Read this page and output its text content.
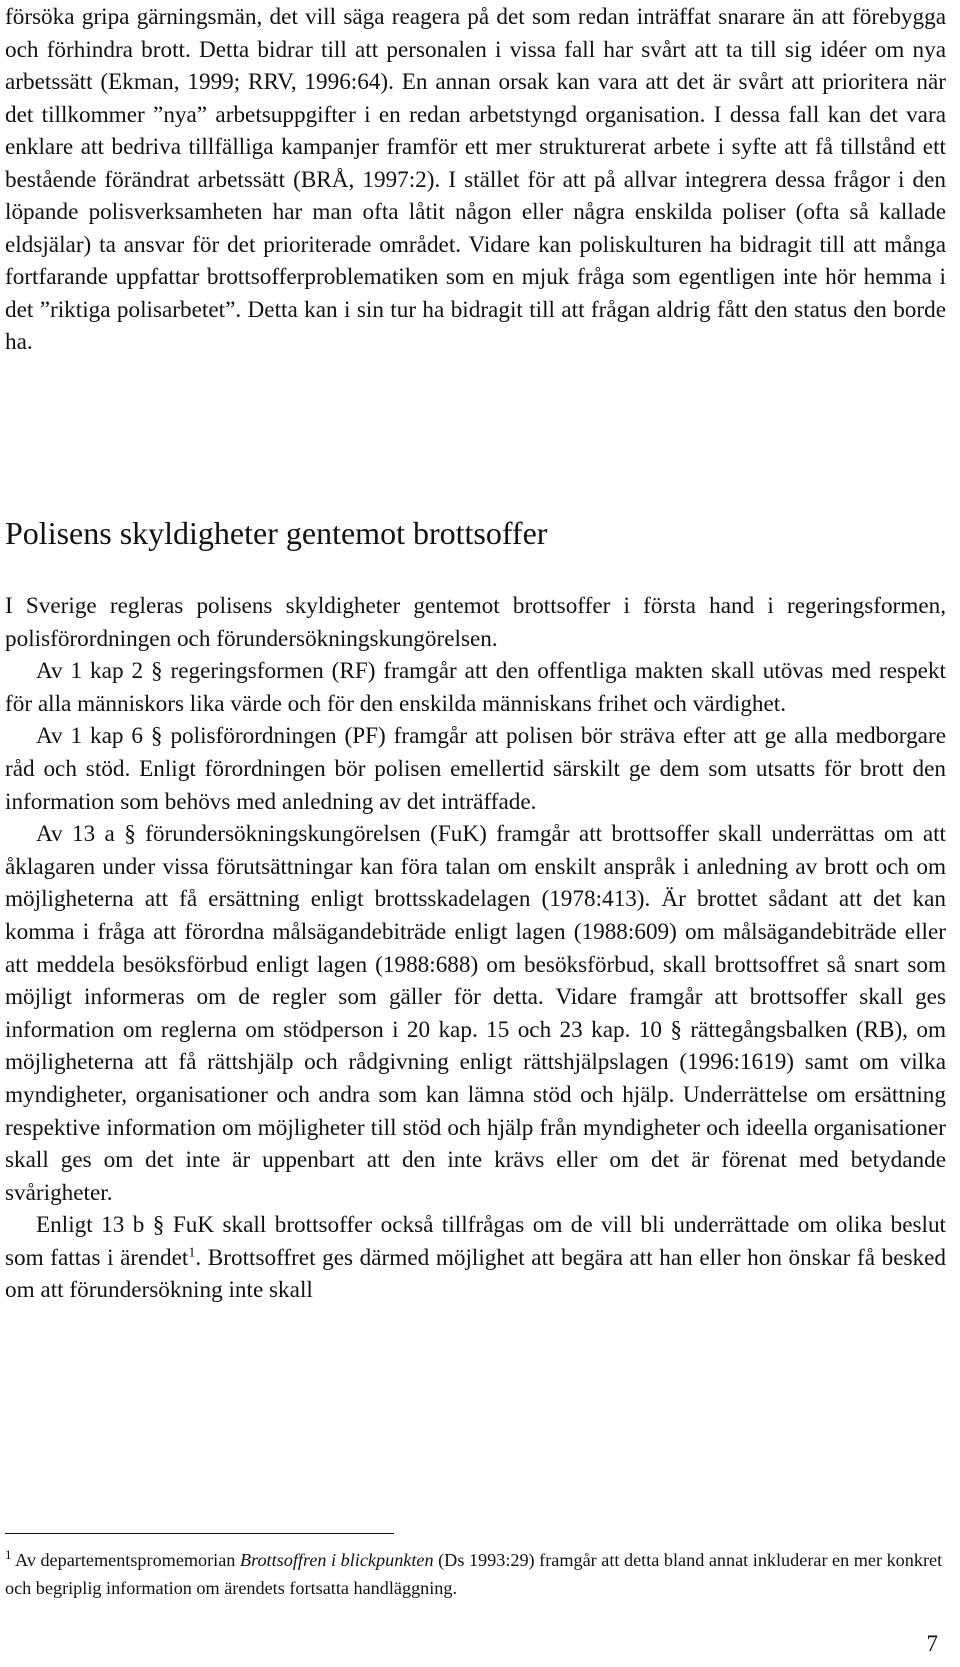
försöka gripa gärningsmän, det vill säga reagera på det som redan inträffat snarare än att förebygga och förhindra brott. Detta bidrar till att personalen i vissa fall har svårt att ta till sig idéer om nya arbetssätt (Ekman, 1999; RRV, 1996:64). En annan orsak kan vara att det är svårt att prioritera när det tillkommer ”nya” arbetsuppgifter i en redan arbetstyngd organisation. I dessa fall kan det vara enklare att bedriva tillfälliga kampanjer framför ett mer strukturerat arbete i syfte att få tillstånd ett bestående förändrat arbetssätt (BRÅ, 1997:2). I stället för att på allvar integrera dessa frågor i den löpande polisverksamheten har man ofta låtit någon eller några enskilda poliser (ofta så kallade eldsjälar) ta ansvar för det prioriterade området. Vidare kan poliskulturen ha bidragit till att många fortfarande uppfattar brottsofferproblematiken som en mjuk fråga som egentligen inte hör hemma i det ”riktiga polisarbetet”. Detta kan i sin tur ha bidragit till att frågan aldrig fått den status den borde ha.

Polisens skyldigheter gentemot brottsoffer

I Sverige regleras polisens skyldigheter gentemot brottsoffer i första hand i regeringsformen, polisförordningen och förundersökningskungörelsen.

Av 1 kap 2 § regeringsformen (RF) framgår att den offentliga makten skall utövas med respekt för alla människors lika värde och för den enskilda människans frihet och värdighet.

Av 1 kap 6 § polisförordningen (PF) framgår att polisen bör sträva efter att ge alla medborgare råd och stöd. Enligt förordningen bör polisen emellertid särskilt ge dem som utsatts för brott den information som behövs med anledning av det inträffade.

Av 13 a § förundersökningskungörelsen (FuK) framgår att brottsoffer skall underrättas om att åklagaren under vissa förutsättningar kan föra talan om enskilt anspråk i anledning av brott och om möjligheterna att få ersättning enligt brottsskadelagen (1978:413). Är brottet sådant att det kan komma i fråga att förordna målsägandebiträde enligt lagen (1988:609) om målsägandebiträde eller att meddela besöksförbud enligt lagen (1988:688) om besöksförbud, skall brottsoffret så snart som möjligt informeras om de regler som gäller för detta. Vidare framgår att brottsoffer skall ges information om reglerna om stödperson i 20 kap. 15 och 23 kap. 10 § rättegångsbalken (RB), om möjligheterna att få rättshjälp och rådgivning enligt rättshjälpslagen (1996:1619) samt om vilka myndigheter, organisationer och andra som kan lämna stöd och hjälp. Underrättelse om ersättning respektive information om möjligheter till stöd och hjälp från myndigheter och ideella organisationer skall ges om det inte är uppenbart att den inte krävs eller om det är förenat med betydande svårigheter.

Enligt 13 b § FuK skall brottsoffer också tillfrågas om de vill bli underrättade om olika beslut som fattas i ärendet$^1$. Brottsoffret ges därmed möjlighet att begära att han eller hon önskar få besked om att förundersökning inte skall

$^1$ Av departementspromemorian Brottsoffren i blickpunkten (Ds 1993:29) framgår att detta bland annat inkluderar en mer konkret och begriplig information om ärendets fortsatta handläggning.

7
